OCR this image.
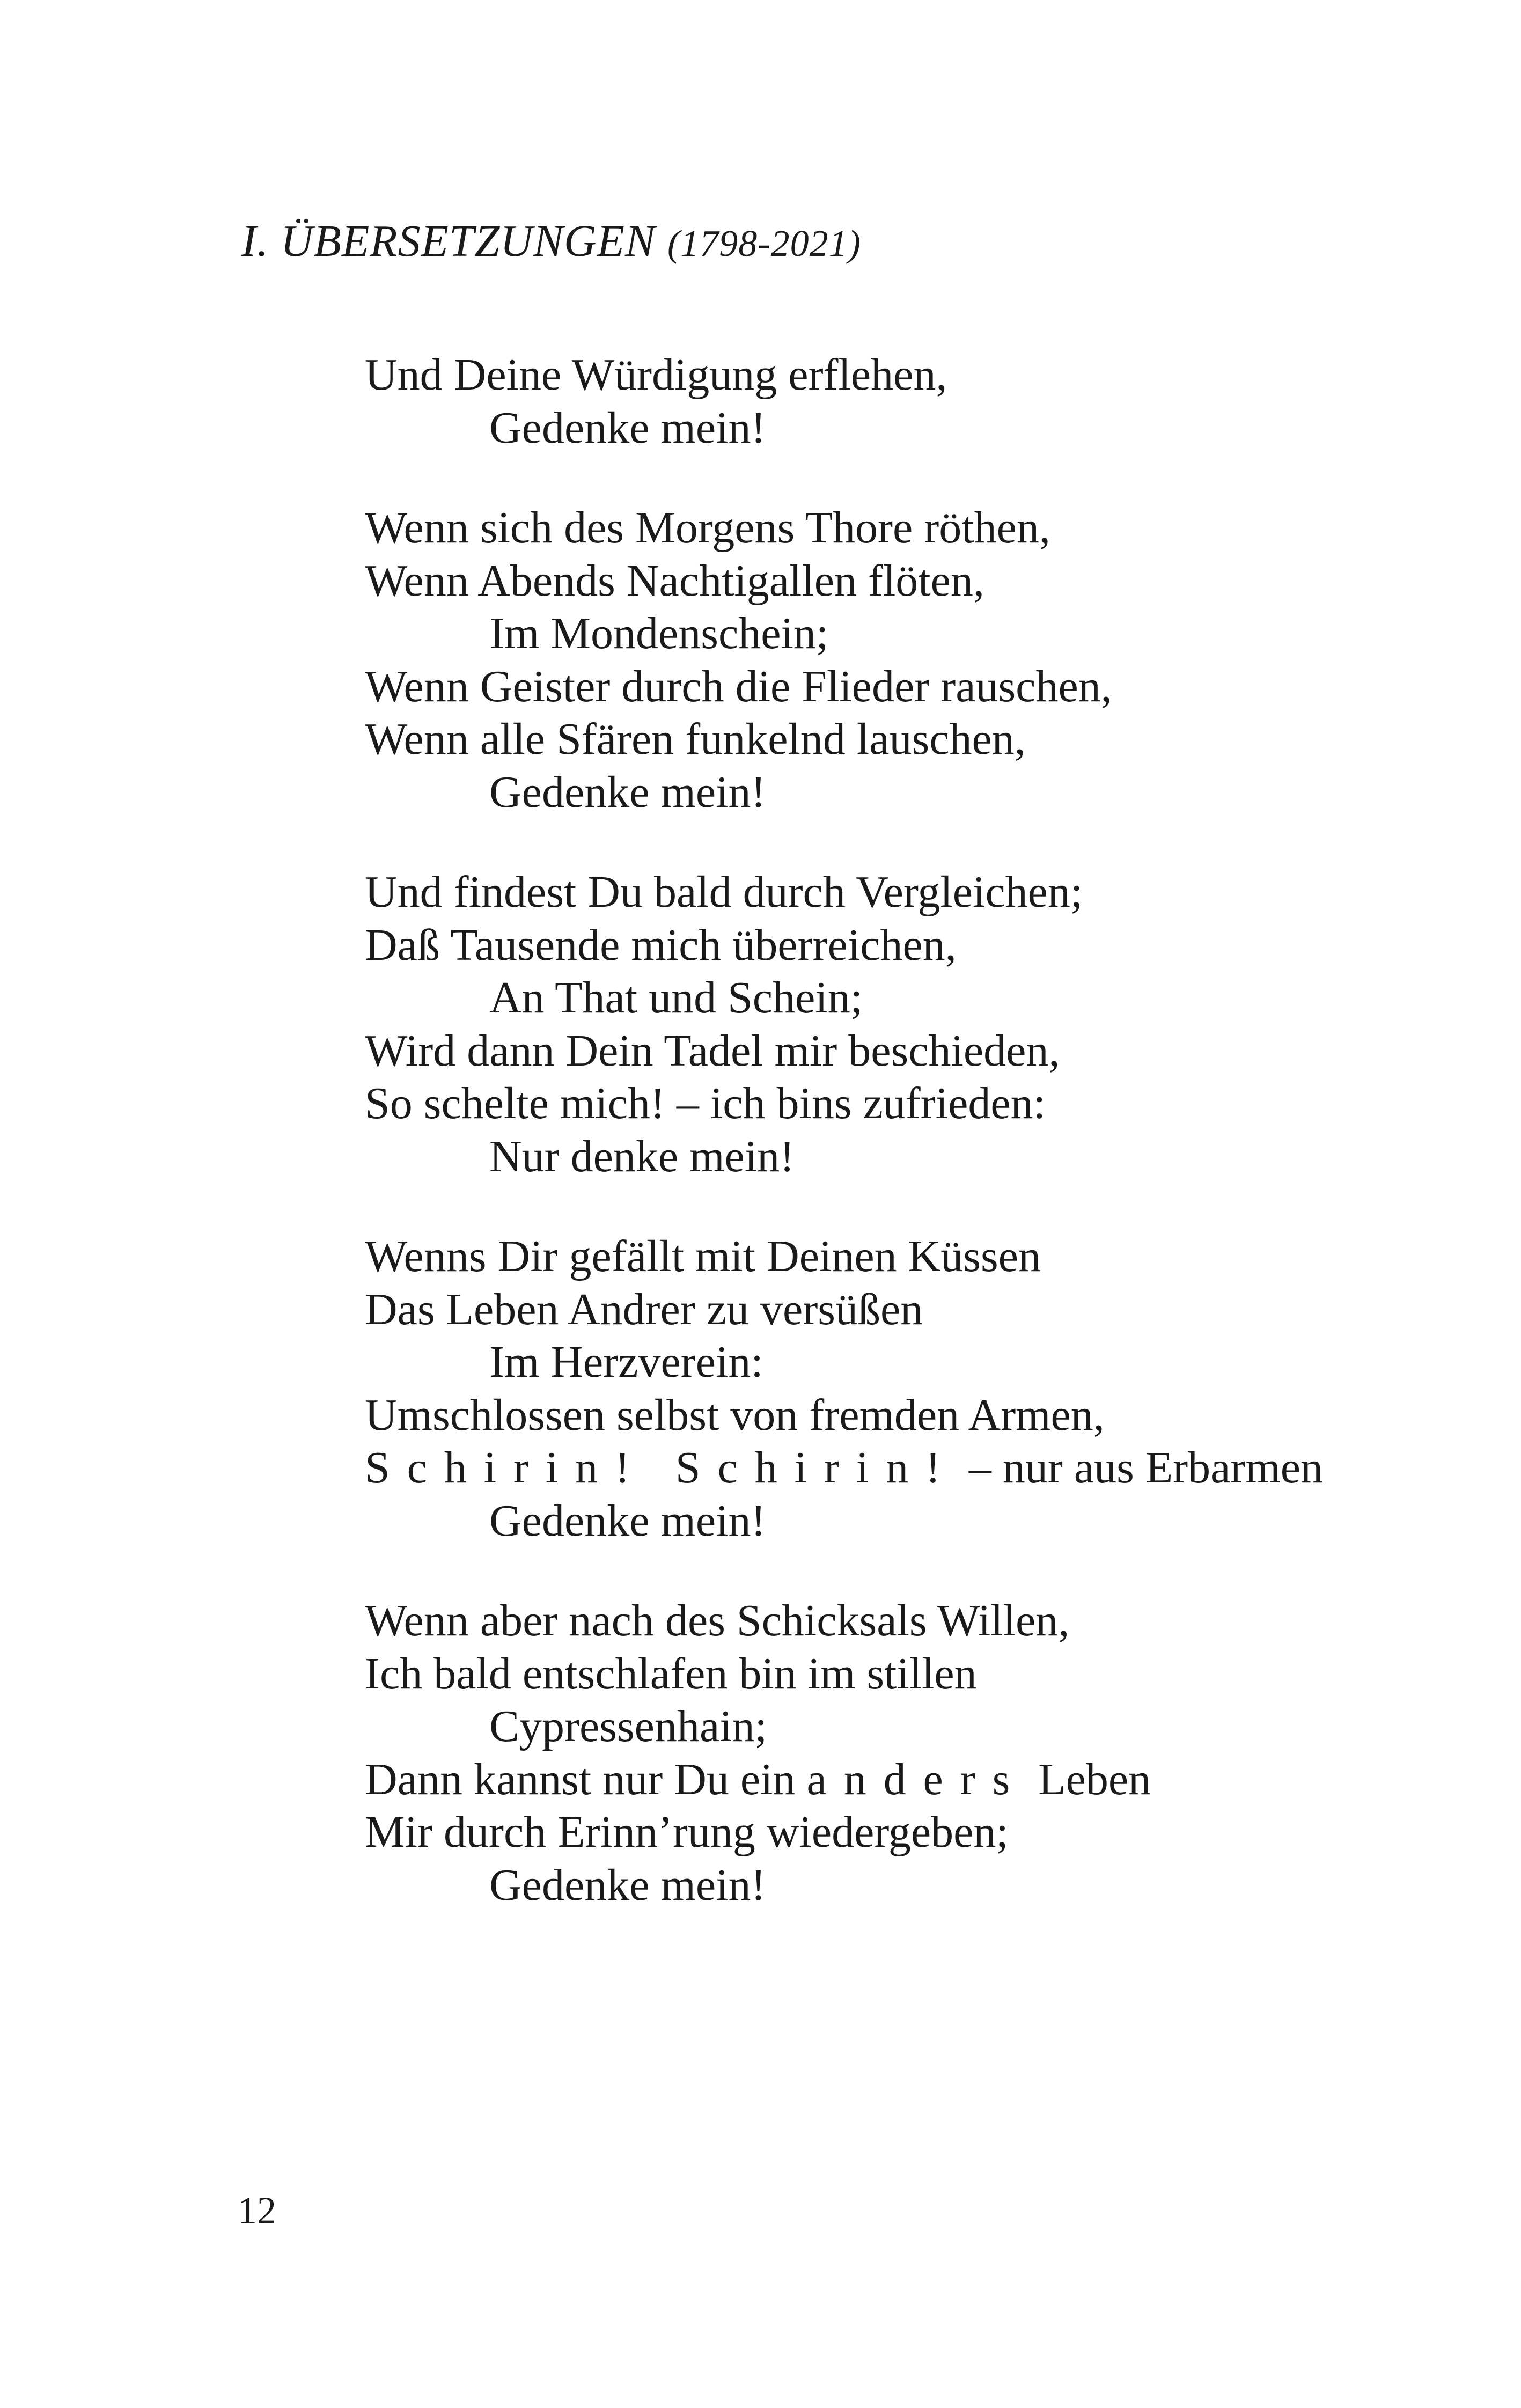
I. ÜBERSETZUNGEN (1798-2021)
Und Deine Würdigung erflehen,
Gedenke mein!
Wenn sich des Morgens Thore röthen,
Wenn Abends Nachtigallen flöten,
Im Mondenschein;
Wenn Geister durch die Flieder rauschen,
Wenn alle Sfären funkelnd lauschen,
Gedenke mein!
Und findest Du bald durch Vergleichen;
Daß Tausende mich überreichen,
An That und Schein;
Wird dann Dein Tadel mir beschieden,
So schelte mich! – ich bins zufrieden:
Nur denke mein!
Wenns Dir gefällt mit Deinen Küssen
Das Leben Andrer zu versüßen
Im Herzverein:
Umschlossen selbst von fremden Armen,
Schirin! Schirin! – nur aus Erbarmen
Gedenke mein!
Wenn aber nach des Schicksals Willen,
Ich bald entschlafen bin im stillen
Cypressenhain;
Dann kannst nur Du ein anders Leben
Mir durch Erinn’rung wiedergeben;
Gedenke mein!
12
